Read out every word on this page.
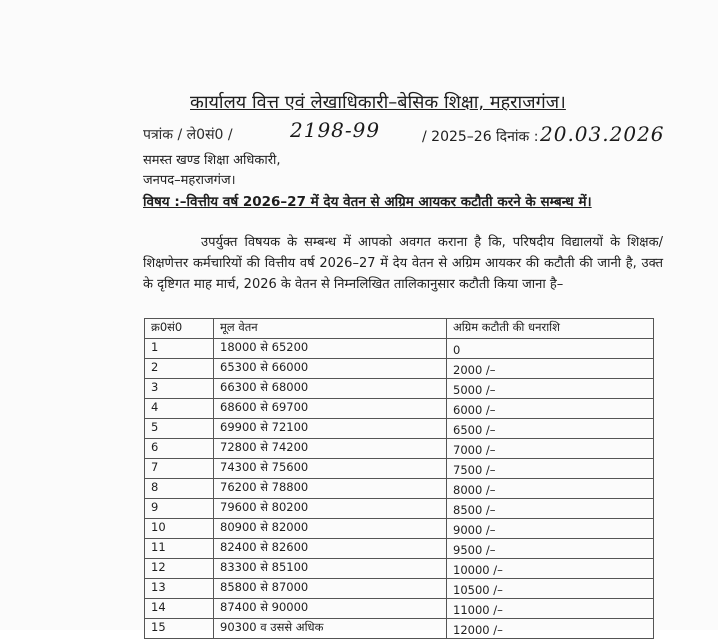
कार्यालय वित्त एवं लेखाधिकारी–बेसिक शिक्षा, महराजगंज।
पत्रांक / ले0सं0 /	2198-99	/ 2025–26 दिनांक : 20.03.2026
समस्त खण्ड शिक्षा अधिकारी,
जनपद–महराजगंज।
विषय :–वित्तीय वर्ष 2026–27 में देय वेतन से अग्रिम आयकर कटौती करने के सम्बन्ध में।
उपर्युक्त विषयक के सम्बन्ध में आपको अवगत कराना है कि, परिषदीय विद्यालयों के शिक्षक/शिक्षणेत्तर कर्मचारियों की वित्तीय वर्ष 2026–27 में देय वेतन से अग्रिम आयकर की कटौती की जानी है, उक्त के दृष्टिगत माह मार्च, 2026 के वेतन से निम्नलिखित तालिकानुसार कटौती किया जाना है–
क्र0सं0	मूल वेतन	अग्रिम कटौती की धनराशि
1	18000 से 65200	0
2	65300 से 66000	2000 /–
3	66300 से 68000	5000 /–
4	68600 से 69700	6000 /–
5	69900 से 72100	6500 /–
6	72800 से 74200	7000 /–
7	74300 से 75600	7500 /–
8	76200 से 78800	8000 /–
9	79600 से 80200	8500 /–
10	80900 से 82000	9000 /–
11	82400 से 82600	9500 /–
12	83300 से 85100	10000 /–
13	85800 से 87000	10500 /–
14	87400 से 90000	11000 /–
15	90300 व उससे अधिक	12000 /–
